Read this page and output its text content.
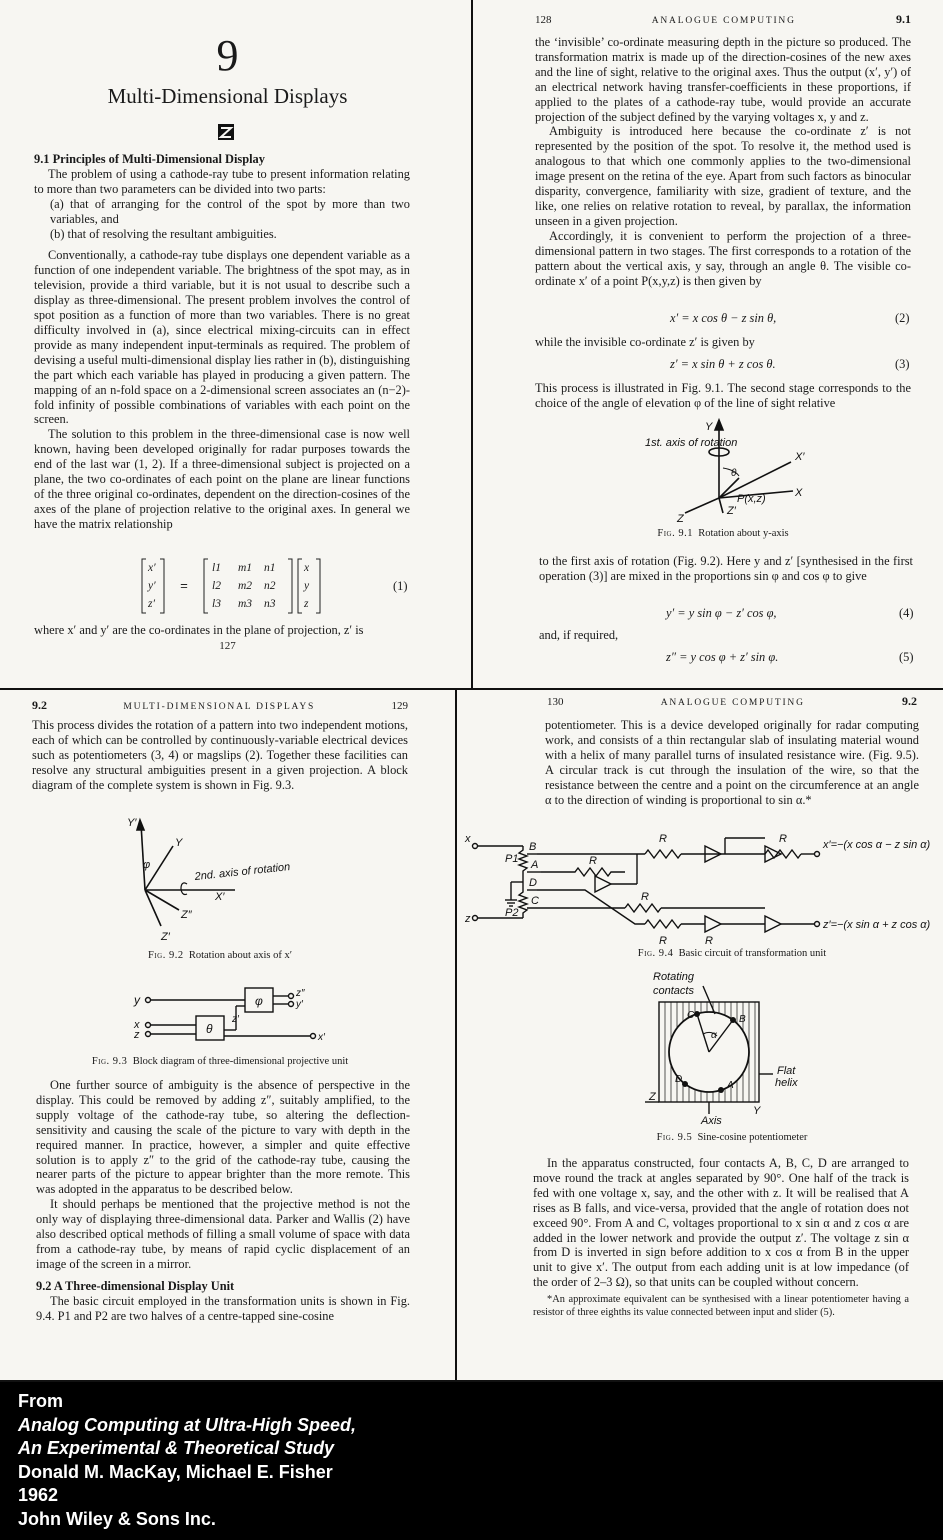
9
Multi-Dimensional Displays

9.1 Principles of Multi-Dimensional Display

The problem of using a cathode-ray tube to present information relating to more than two parameters can be divided into two parts:

(a) that of arranging for the control of the spot by more than two variables, and

(b) that of resolving the resultant ambiguities.

Conventionally, a cathode-ray tube displays one dependent variable as a function of one independent variable. The brightness of the spot may, as in television, provide a third variable, but it is not usual to describe such a display as three-dimensional. The present problem involves the control of spot position as a function of more than two variables. There is no great difficulty involved in (a), since electrical mixing-circuits can in effect provide as many independent input-terminals as required. The problem of devising a useful multi-dimensional display lies rather in (b), distinguishing the part which each variable has played in producing a given pattern. The mapping of an n-fold space on a 2-dimensional screen associates an (n−2)-fold infinity of possible combinations of variables with each point on the screen.

The solution to this problem in the three-dimensional case is now well known, having been developed originally for radar purposes towards the end of the last war (1, 2). If a three-dimensional subject is projected on a plane, the two co-ordinates of each point on the plane are linear functions of the three original co-ordinates, dependent on the direction-cosines of the axes of the plane of projection relative to the original axes. In general we have the matrix relationship

=
x′
y′
z′
l1	m1	n1
l2	m2	n2
l3	m3	n3
x
y
z
(1)
where x′ and y′ are the co-ordinates in the plane of projection, z′ is
127
128	ANALOGUE COMPUTING	9.1

the ‘invisible’ co-ordinate measuring depth in the picture so produced. The transformation matrix is made up of the direction-cosines of the new axes and the line of sight, relative to the original axes. Thus the output (x′, y′) of an electrical network having transfer-coefficients in these proportions, if applied to the plates of a cathode-ray tube, would provide an accurate projection of the subject defined by the varying voltages x, y and z.

Ambiguity is introduced here because the co-ordinate z′ is not represented by the position of the spot. To resolve it, the method used is analogous to that which one commonly applies to the two-dimensional image present on the retina of the eye. Apart from such factors as binocular disparity, convergence, familiarity with size, gradient of texture, and the like, one relies on relative rotation to reveal, by parallax, the information unseen in a given projection.

Accordingly, it is convenient to perform the projection of a three-dimensional pattern in two stages. The first corresponds to a rotation of the pattern about the vertical axis, y say, through an angle θ. The visible co-ordinate x′ of a point P(x,y,z) is then given by

x′ = x cos θ − z sin θ,	(2)
while the invisible co-ordinate z′ is given by
z′ = x sin θ + z cos θ.	(3)
This process is illustrated in Fig. 9.1. The second stage corresponds to the choice of the angle of elevation φ of the line of sight relative
1st. axis of rotation
Y
X′
X
θ
P(x,z)
Z
Z′
Fig. 9.1 Rotation about y-axis
to the first axis of rotation (Fig. 9.2). Here y and z′ [synthesised in the first operation (3)] are mixed in the proportions sin φ and cos φ to give
y′ = y sin φ − z′ cos φ,	(4)
and, if required,
z″ = y cos φ + z′ sin φ.	(5)
9.2	MULTI-DIMENSIONAL DISPLAYS	129
This process divides the rotation of a pattern into two independent motions, each of which can be controlled by continuously-variable electrical devices such as potentiometers (3, 4) or magslips (2). Together these facilities can resolve any structural ambiguities present in a given projection. A block diagram of the complete system is shown in Fig. 9.3.
Y′
Y
φ	2nd. axis of rotation
X′
Z″
Z′
Fig. 9.2 Rotation about axis of x′
y
x
z
φ
θ
z′
z″
y′
x′
Fig. 9.3 Block diagram of three-dimensional projective unit

One further source of ambiguity is the absence of perspective in the display. This could be removed by adding z″, suitably amplified, to the supply voltage of the cathode-ray tube, so altering the deflection-sensitivity and causing the scale of the picture to vary with depth in the required manner. In practice, however, a simpler and quite effective solution is to apply z″ to the grid of the cathode-ray tube, causing the nearer parts of the picture to appear brighter than the more remote. This was adopted in the apparatus to be described below.

It should perhaps be mentioned that the projective method is not the only way of displaying three-dimensional data. Parker and Wallis (2) have also described optical methods of filling a small volume of space with data from a cathode-ray tube, by means of rapid cyclic displacement of an image of the screen in a mirror.

9.2 A Three-dimensional Display Unit

The basic circuit employed in the transformation units is shown in Fig. 9.4. P1 and P2 are two halves of a centre-tapped sine-cosine

130	ANALOGUE COMPUTING	9.2
potentiometer. This is a device developed originally for radar computing work, and consists of a thin rectangular slab of insulating material wound with a helix of many parallel turns of insulated resistance wire. (Fig. 9.5). A circular track is cut through the insulation of the wire, so that the resistance between the centre and a point on the circumference at an angle α to the direction of winding is proportional to sin α.*
x
z
P1
P2
B
A
D
C
R	R
R
R
R	R
x′=−(x cos α − z sin α)
z′=−(x sin α + z cos α)
Fig. 9.4 Basic circuit of transformation unit
Rotating
contacts
C	B
α
D
A
Flat
helix
Z
Axis
Y
Fig. 9.5 Sine-cosine potentiometer

In the apparatus constructed, four contacts A, B, C, D are arranged to move round the track at angles separated by 90°. One half of the track is fed with one voltage x, say, and the other with z. It will be realised that A rises as B falls, and vice-versa, provided that the angle of rotation does not exceed 90°. From A and C, voltages proportional to x sin α and z cos α are added in the lower network and provide the output z′. The voltage z sin α from D is inverted in sign before addition to x cos α from B in the upper unit to give x′. The output from each adding unit is at low impedance (of the order of 2–3 Ω), so that units can be coupled without concern.

*An approximate equivalent can be synthesised with a linear potentiometer having a resistor of three eighths its value connected between input and slider (5).

From
Analog Computing at Ultra-High Speed,
An Experimental & Theoretical Study
Donald M. MacKay, Michael E. Fisher
1962
John Wiley & Sons Inc.
